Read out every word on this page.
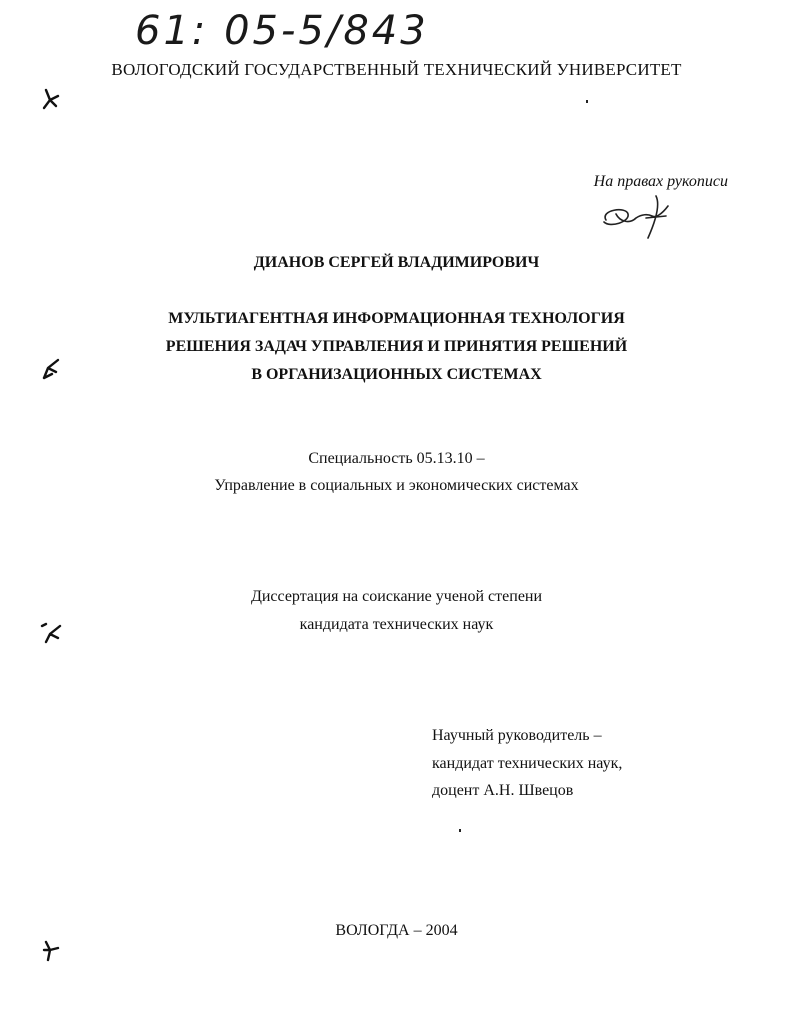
61: 05-5/843
ВОЛОГОДСКИЙ ГОСУДАРСТВЕННЫЙ ТЕХНИЧЕСКИЙ УНИВЕРСИТЕТ
На правах рукописи
ДИАНОВ СЕРГЕЙ ВЛАДИМИРОВИЧ
МУЛЬТИАГЕНТНАЯ ИНФОРМАЦИОННАЯ ТЕХНОЛОГИЯ
РЕШЕНИЯ ЗАДАЧ УПРАВЛЕНИЯ И ПРИНЯТИЯ РЕШЕНИЙ
В ОРГАНИЗАЦИОННЫХ СИСТЕМАХ
Специальность 05.13.10 –
Управление в социальных и экономических системах
Диссертация на соискание ученой степени
кандидата технических наук
Научный руководитель –
кандидат технических наук,
доцент А.Н. Швецов
ВОЛОГДА – 2004
